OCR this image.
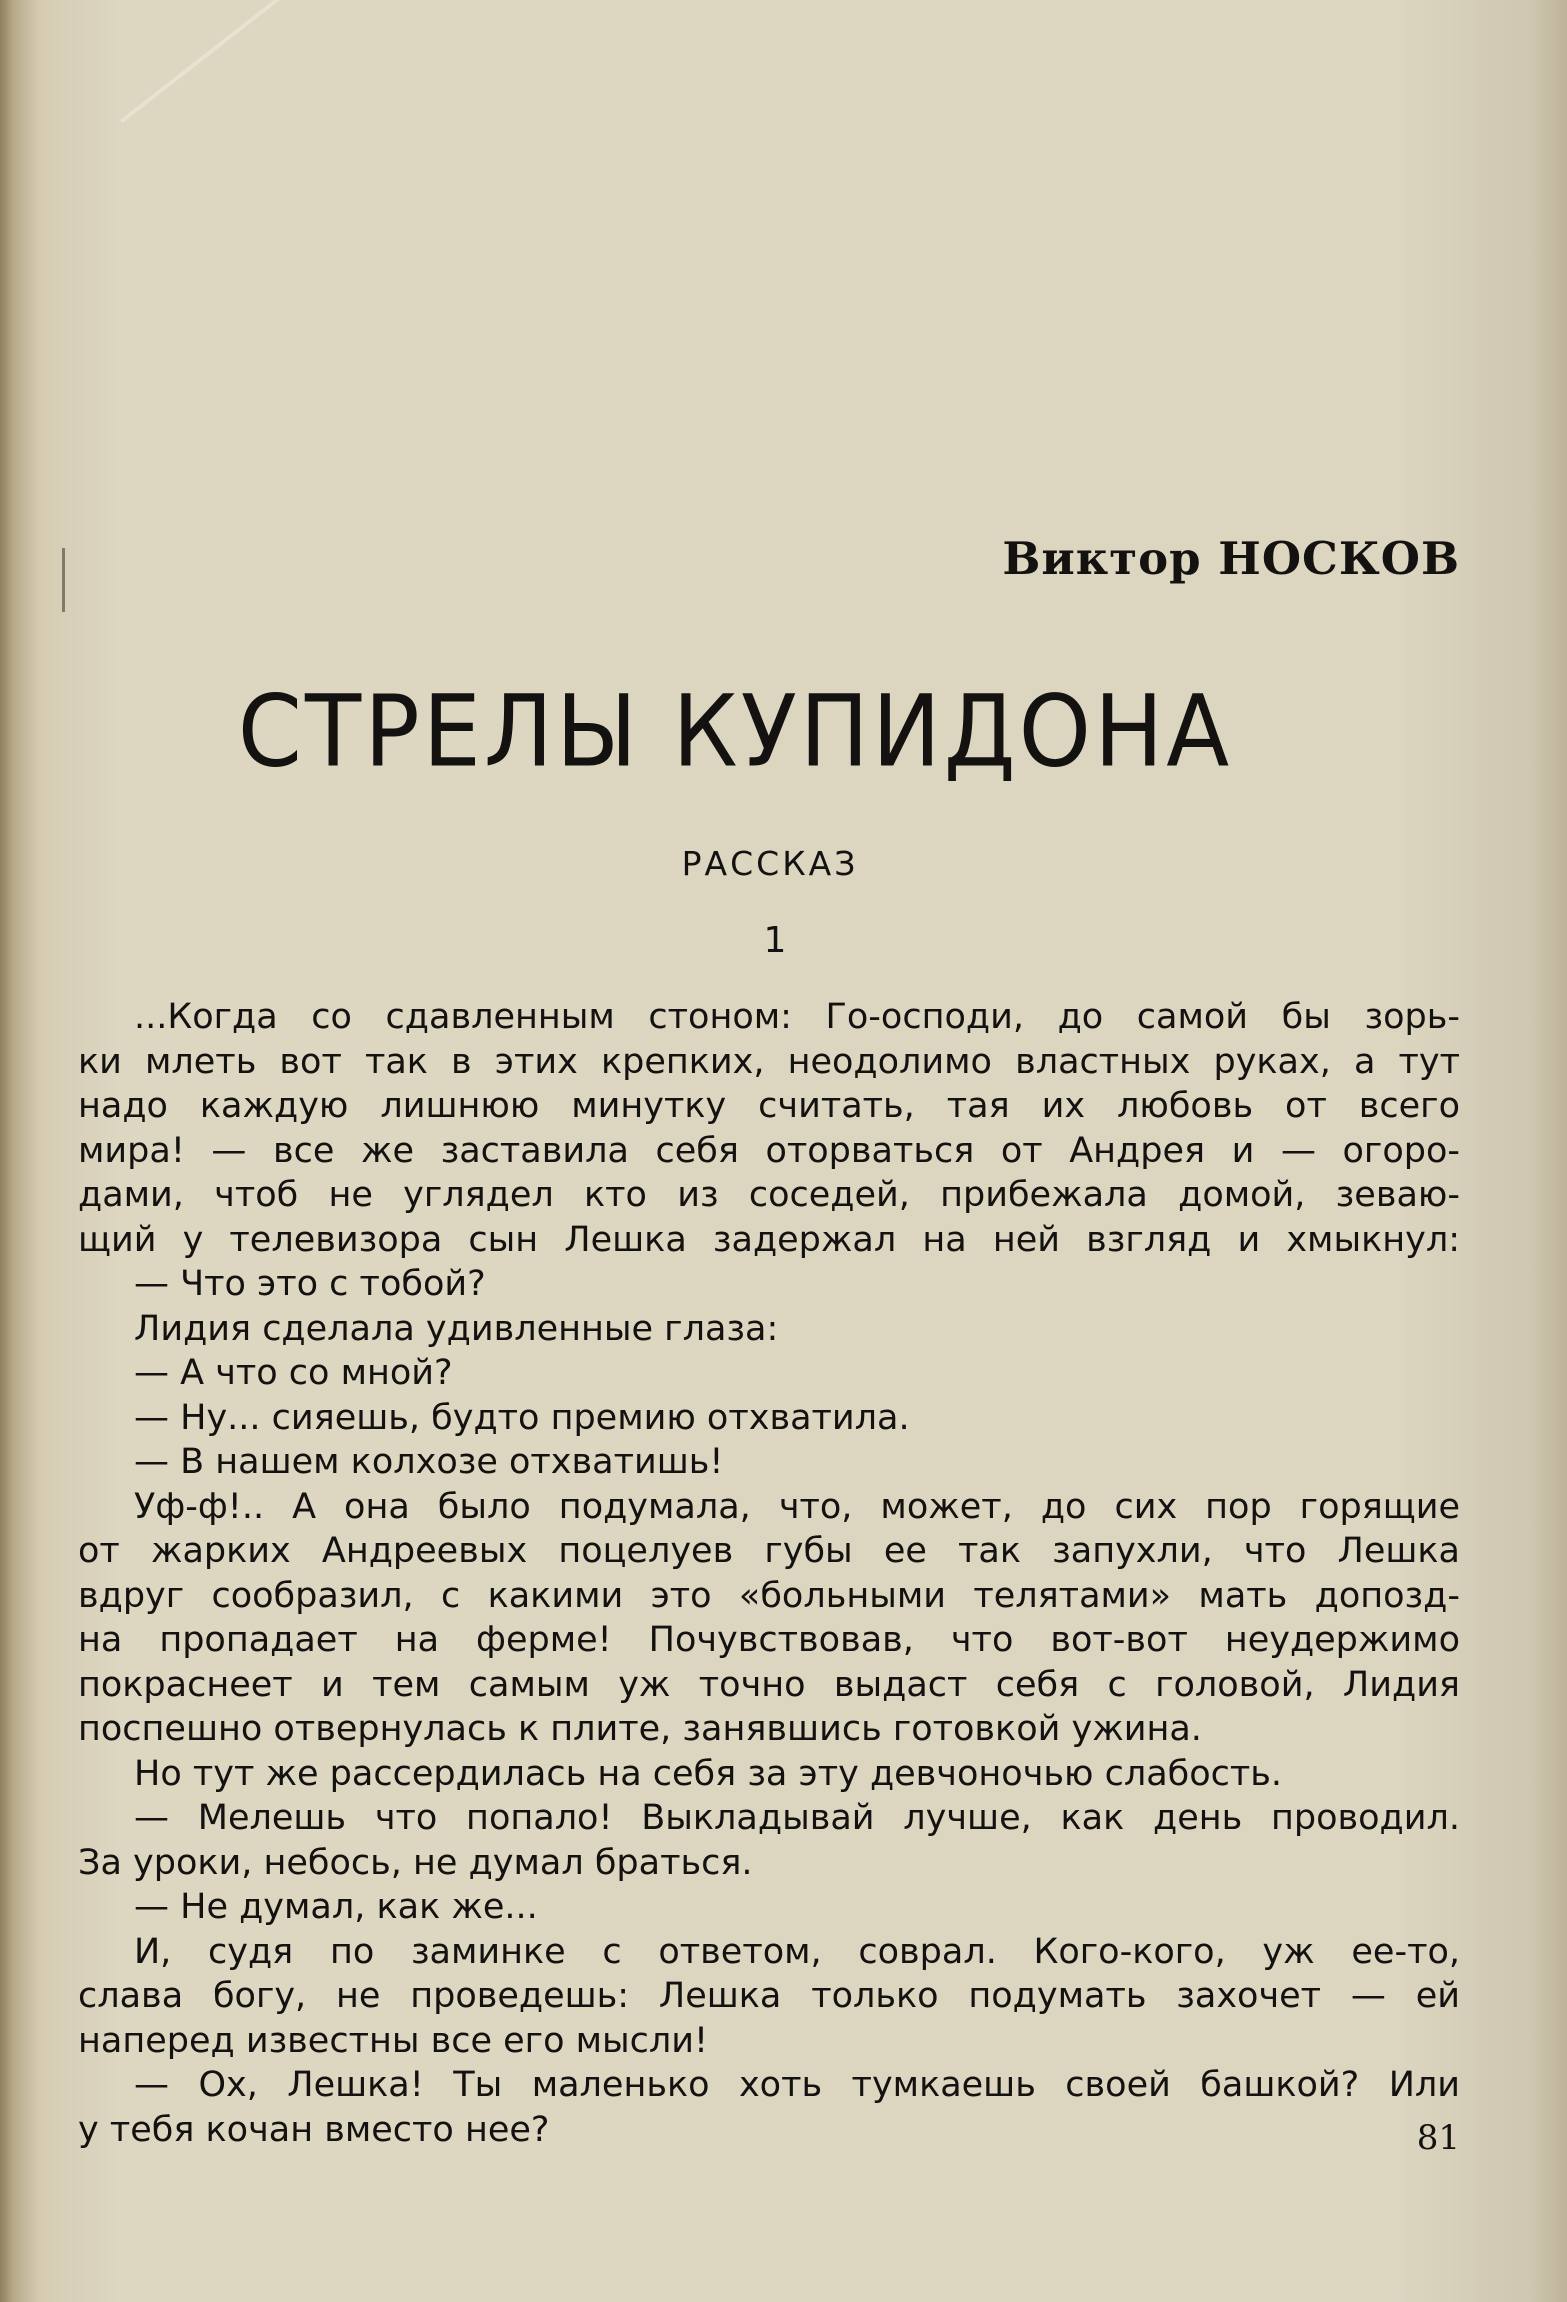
Виктор НОСКОВ
СТРЕЛЫ КУПИДОНА
РАССКАЗ
1
...Когда со сдавленным стоном: Го-осподи, до самой бы зорь-
ки млеть вот так в этих крепких, неодолимо властных руках, а тут
надо каждую лишнюю минутку считать, тая их любовь от всего
мира! — все же заставила себя оторваться от Андрея и — огоро-
дами, чтоб не углядел кто из соседей, прибежала домой, зеваю-
щий у телевизора сын Лешка задержал на ней взгляд и хмыкнул:
— Что это с тобой?
Лидия сделала удивленные глаза:
— А что со мной?
— Ну... сияешь, будто премию отхватила.
— В нашем колхозе отхватишь!
Уф-ф!.. А она было подумала, что, может, до сих пор горящие
от жарких Андреевых поцелуев губы ее так запухли, что Лешка
вдруг сообразил, с какими это «больными телятами» мать допозд-
на пропадает на ферме! Почувствовав, что вот-вот неудержимо
покраснеет и тем самым уж точно выдаст себя с головой, Лидия
поспешно отвернулась к плите, занявшись готовкой ужина.
Но тут же рассердилась на себя за эту девчоночью слабость.
— Мелешь что попало! Выкладывай лучше, как день проводил.
За уроки, небось, не думал браться.
— Не думал, как же...
И, судя по заминке с ответом, соврал. Кого-кого, уж ее-то,
слава богу, не проведешь: Лешка только подумать захочет — ей
наперед известны все его мысли!
— Ох, Лешка! Ты маленько хоть тумкаешь своей башкой? Или
у тебя кочан вместо нее?	81
